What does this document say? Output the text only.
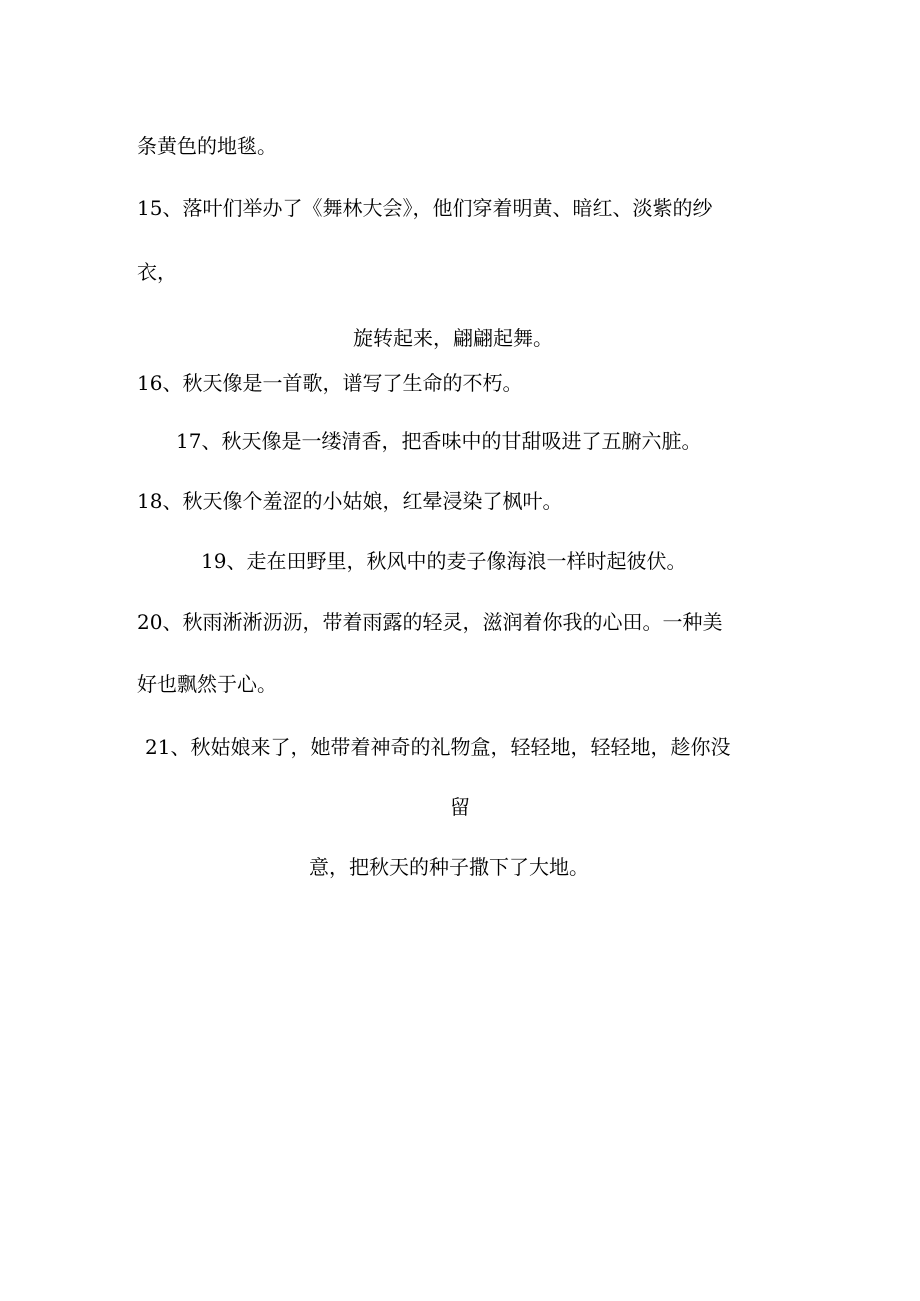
条黄色的地毯。

15、落叶们举办了《舞林大会》，他们穿着明黄、暗红、淡紫的纱

衣，

旋转起来，翩翩起舞。

16、秋天像是一首歌，谱写了生命的不朽。

17、秋天像是一缕清香，把香味中的甘甜吸进了五腑六脏。

18、秋天像个羞涩的小姑娘，红晕浸染了枫叶。

19、走在田野里，秋风中的麦子像海浪一样时起彼伏。

20、秋雨淅淅沥沥，带着雨露的轻灵，滋润着你我的心田。一种美

好也飘然于心。

21、秋姑娘来了，她带着神奇的礼物盒，轻轻地，轻轻地，趁你没

留

意，把秋天的种子撒下了大地。
